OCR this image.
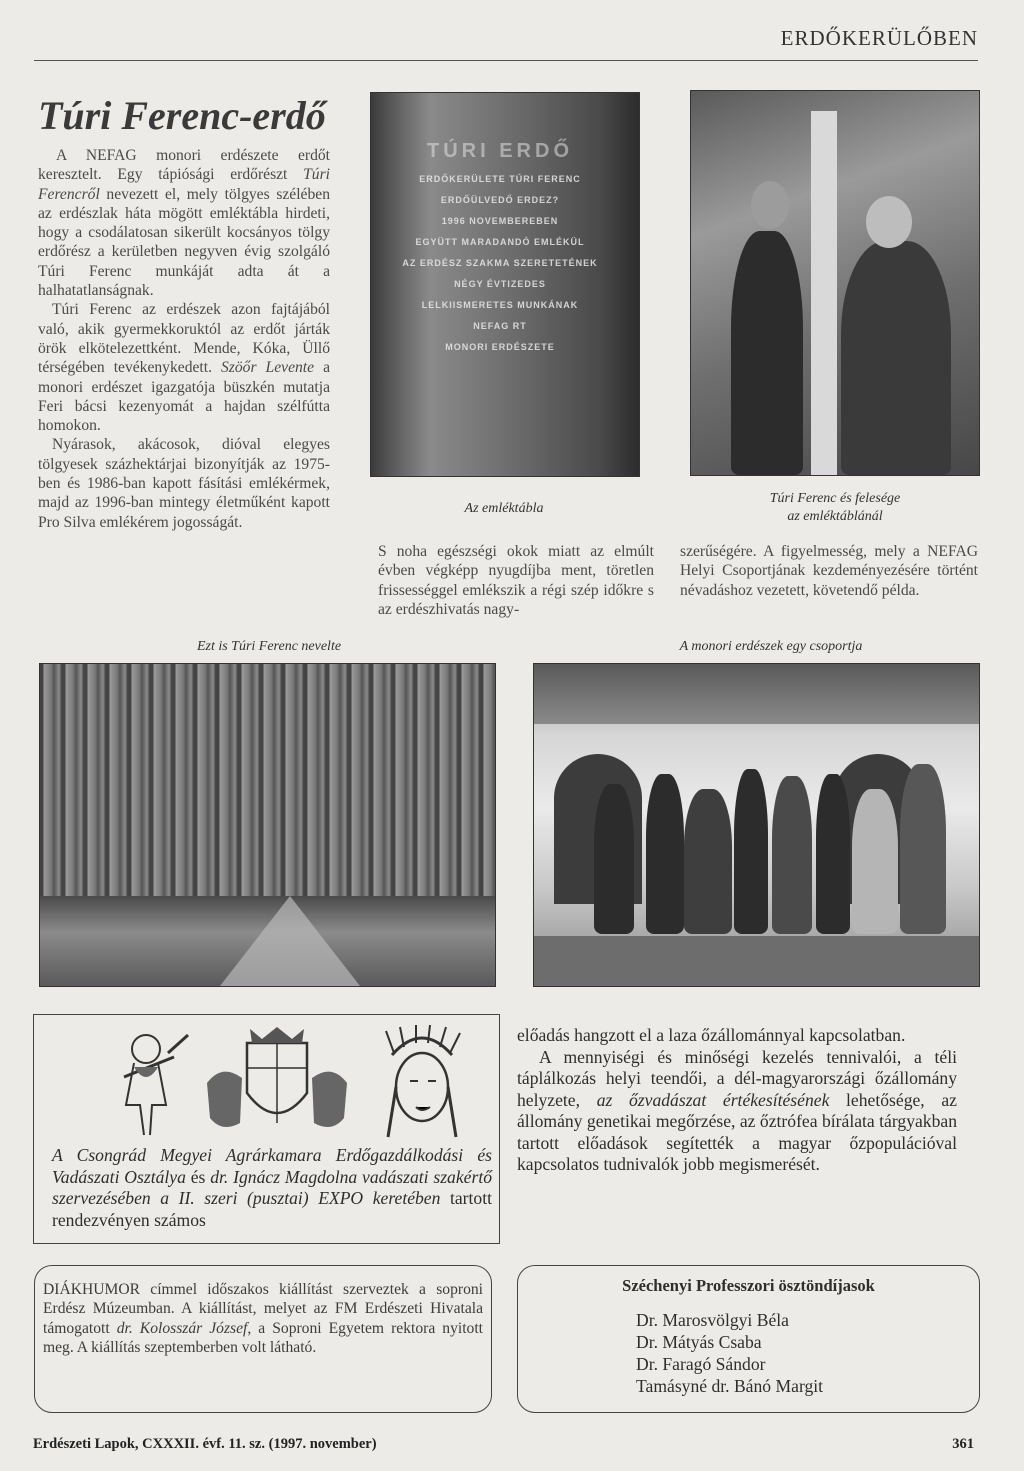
ERDŐKERÜLŐBEN
Túri Ferenc-erdő

A NEFAG monori erdészete erdőt keresztelt. Egy tápiósági erdőrészt Túri Ferencről nevezett el, mely tölgyes szélében az erdészlak háta mögött emléktábla hirdeti, hogy a csodálatosan sikerült kocsányos tölgy erdőrész a kerületben negyven évig szolgáló Túri Ferenc munkáját adta át a halhatatlanságnak.

Túri Ferenc az erdészek azon fajtájából való, akik gyermekkoruktól az erdőt járták örök elkötelezettként. Mende, Kóka, Üllő térségében tevékenykedett. Szöőr Levente a monori erdészet igazgatója büszkén mutatja Feri bácsi kezenyomát a hajdan szélfútta homokon.

Nyárasok, akácosok, dióval elegyes tölgyesek százhektárjai bizonyítják az 1975-ben és 1986-ban kapott fásítási emlékérmek, majd az 1996-ban mintegy életműként kapott Pro Silva emlékérem jogosságát.

TÚRI ERDŐ
ERDŐKERÜLETE TÚRI FERENC
ERDŐÜLVEDŐ ERDEZ?
1996 NOVEMBEREBEN
EGYÜTT MARADANDÓ EMLÉKÜL
AZ ERDÉSZ SZAKMA SZERETETÉNEK
NÉGY ÉVTIZEDES
LELKIISMERETES MUNKÁNAK
NEFAG RT
MONORI ERDÉSZETE
Az emléktábla
Túri Ferenc és felesége
az emléktáblánál

S noha egészségi okok miatt az elmúlt évben végképp nyugdíjba ment, töretlen frissességgel emlékszik a régi szép időkre s az erdészhivatás nagy-

szerűségére. A figyelmesség, mely a NEFAG Helyi Csoportjának kezdeményezésére történt névadáshoz vezetett, követendő példa.

Ezt is Túri Ferenc nevelte	A monori erdészek egy csoportja
A Csongrád Megyei Agrárkamara Erdőgazdálkodási és Vadászati Osztálya és dr. Ignácz Magdolna vadászati szakértő szervezésében a II. szeri (pusztai) EXPO keretében tartott rendezvényen számos

előadás hangzott el a laza őzállománnyal kapcsolatban.

A mennyiségi és minőségi kezelés tennivalói, a téli táplálkozás helyi teendői, a dél-magyarországi őzállomány helyzete, az őzvadászat értékesítésének lehetősége, az állomány genetikai megőrzése, az őztrófea bírálata tárgyakban tartott előadások segítették a magyar őzpopulációval kapcsolatos tudnivalók jobb megismerését.

DIÁKHUMOR címmel időszakos kiállítást szerveztek a soproni Erdész Múzeumban. A kiállítást, melyet az FM Erdészeti Hivatala támogatott dr. Kolosszár József, a Soproni Egyetem rektora nyitott meg. A kiállítás szeptemberben volt látható.
Széchenyi Professzori ösztöndíjasok
Dr. Marosvölgyi Béla
Dr. Mátyás Csaba
Dr. Faragó Sándor
Tamásyné dr. Bánó Margit
Erdészeti Lapok, CXXXII. évf. 11. sz. (1997. november)	361
